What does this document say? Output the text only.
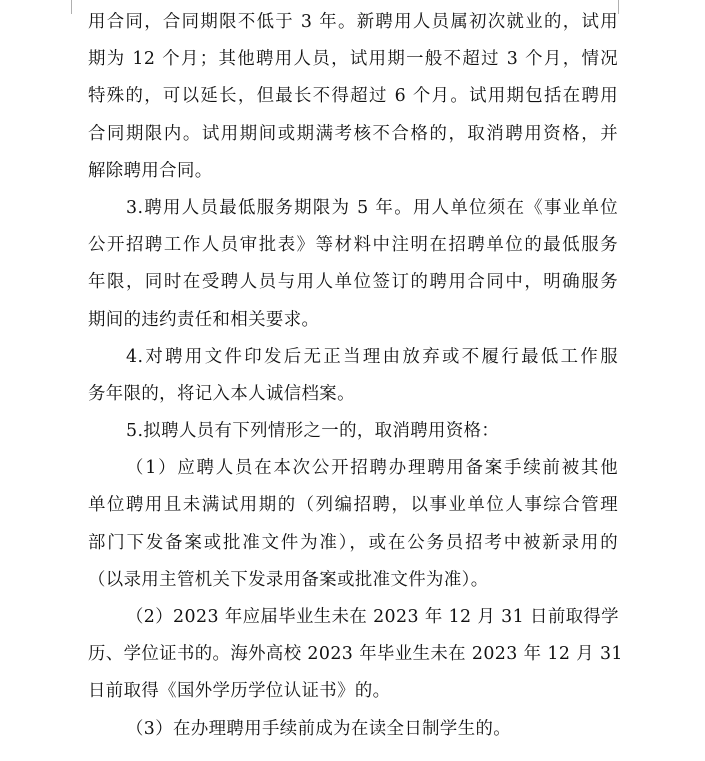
用合同，合同期限不低于 3 年。新聘用人员属初次就业的，试用
期为 12 个月；其他聘用人员，试用期一般不超过 3 个月，情况
特殊的，可以延长，但最长不得超过 6 个月。试用期包括在聘用
合同期限内。试用期间或期满考核不合格的，取消聘用资格，并
解除聘用合同。
3.聘用人员最低服务期限为 5 年。用人单位须在《事业单位
公开招聘工作人员审批表》等材料中注明在招聘单位的最低服务
年限，同时在受聘人员与用人单位签订的聘用合同中，明确服务
期间的违约责任和相关要求。
4.对聘用文件印发后无正当理由放弃或不履行最低工作服
务年限的，将记入本人诚信档案。
5.拟聘人员有下列情形之一的，取消聘用资格：
（1）应聘人员在本次公开招聘办理聘用备案手续前被其他
单位聘用且未满试用期的（列编招聘，以事业单位人事综合管理
部门下发备案或批准文件为准），或在公务员招考中被新录用的
（以录用主管机关下发录用备案或批准文件为准）。
（2）2023 年应届毕业生未在 2023 年 12 月 31 日前取得学
历、学位证书的。海外高校 2023 年毕业生未在 2023 年 12 月 31
日前取得《国外学历学位认证书》的。
（3）在办理聘用手续前成为在读全日制学生的。
